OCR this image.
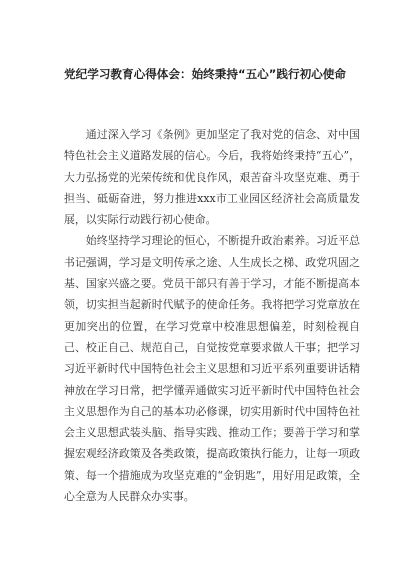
党纪学习教育心得体会：始终秉持“五心”践行初心使命

通过深入学习《条例》更加坚定了我对党的信念、对中国特色社会主义道路发展的信心。今后，我将始终秉持“五心”，大力弘扬党的光荣传统和优良作风，艰苦奋斗攻坚克难、勇于担当、砥砺奋进，努力推进xxx市工业园区经济社会高质量发展，以实际行动践行初心使命。

始终坚持学习理论的恒心，不断提升政治素养。习近平总书记强调，学习是文明传承之途、人生成长之梯、政党巩固之基、国家兴盛之要。党员干部只有善于学习，才能不断提高本领，切实担当起新时代赋予的使命任务。我将把学习党章放在更加突出的位置，在学习党章中校准思想偏差，时刻检视自己、校正自己、规范自己，自觉按党章要求做人干事；把学习习近平新时代中国特色社会主义思想和习近平系列重要讲话精神放在学习日常，把学懂弄通做实习近平新时代中国特色社会主义思想作为自己的基本功必修课，切实用新时代中国特色社会主义思想武装头脑、指导实践、推动工作；要善于学习和掌握宏观经济政策及各类政策，提高政策执行能力，让每一项政策、每一个措施成为攻坚克难的“金钥匙”，用好用足政策，全心全意为人民群众办实事。
